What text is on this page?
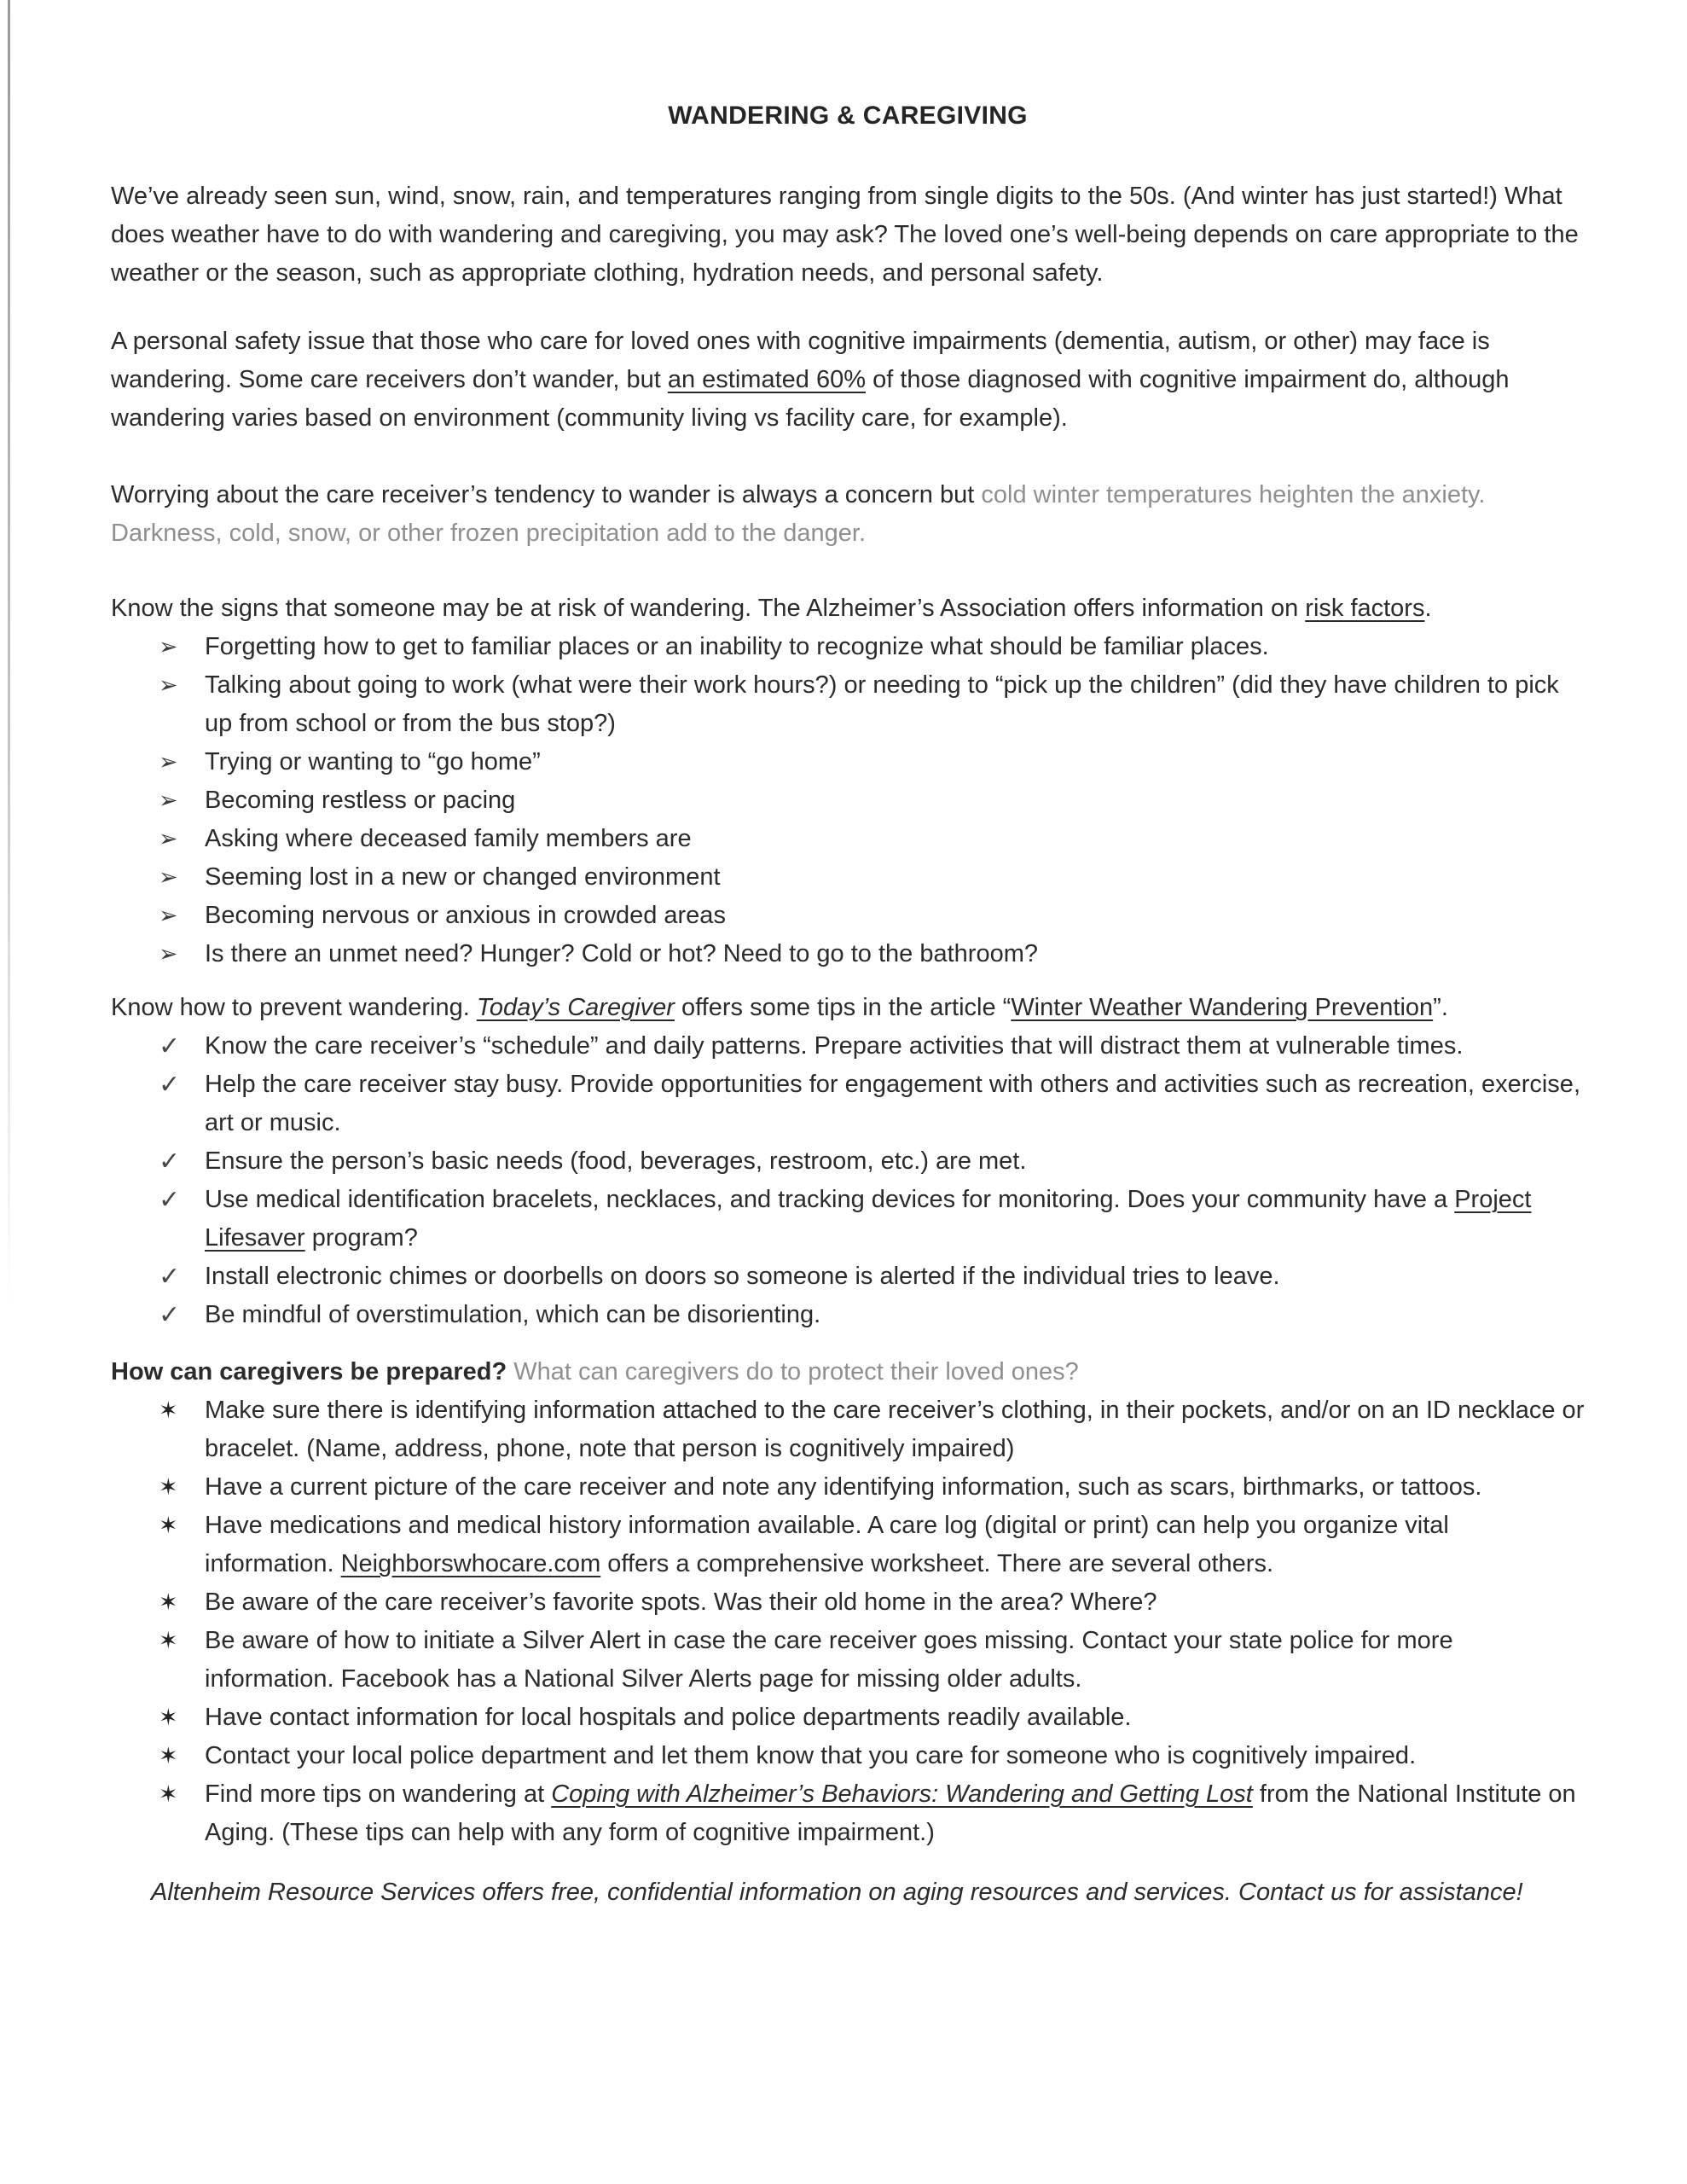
WANDERING & CAREGIVING

We’ve already seen sun, wind, snow, rain, and temperatures ranging from single digits to the 50s. (And winter has just started!) What does weather have to do with wandering and caregiving, you may ask? The loved one’s well-being depends on care appropriate to the weather or the season, such as appropriate clothing, hydration needs, and personal safety.

A personal safety issue that those who care for loved ones with cognitive impairments (dementia, autism, or other) may face is wandering. Some care receivers don’t wander, but an estimated 60% of those diagnosed with cognitive impairment do, although wandering varies based on environment (community living vs facility care, for example).

Worrying about the care receiver’s tendency to wander is always a concern but cold winter temperatures heighten the anxiety. Darkness, cold, snow, or other frozen precipitation add to the danger.

Know the signs that someone may be at risk of wandering. The Alzheimer’s Association offers information on risk factors.

➢ Forgetting how to get to familiar places or an inability to recognize what should be familiar places.
➢ Talking about going to work (what were their work hours?) or needing to “pick up the children” (did they have children to pick up from school or from the bus stop?)
➢ Trying or wanting to “go home”
➢ Becoming restless or pacing
➢ Asking where deceased family members are
➢ Seeming lost in a new or changed environment
➢ Becoming nervous or anxious in crowded areas
➢ Is there an unmet need? Hunger? Cold or hot? Need to go to the bathroom?

Know how to prevent wandering. Today’s Caregiver offers some tips in the article “Winter Weather Wandering Prevention”.

✓ Know the care receiver’s “schedule” and daily patterns. Prepare activities that will distract them at vulnerable times.
✓ Help the care receiver stay busy. Provide opportunities for engagement with others and activities such as recreation, exercise, art or music.
✓ Ensure the person’s basic needs (food, beverages, restroom, etc.) are met.
✓ Use medical identification bracelets, necklaces, and tracking devices for monitoring. Does your community have a Project Lifesaver program?
✓ Install electronic chimes or doorbells on doors so someone is alerted if the individual tries to leave.
✓ Be mindful of overstimulation, which can be disorienting.

How can caregivers be prepared? What can caregivers do to protect their loved ones?

✶ Make sure there is identifying information attached to the care receiver’s clothing, in their pockets, and/or on an ID necklace or bracelet. (Name, address, phone, note that person is cognitively impaired)
✶ Have a current picture of the care receiver and note any identifying information, such as scars, birthmarks, or tattoos.
✶ Have medications and medical history information available. A care log (digital or print) can help you organize vital information. Neighborswhocare.com offers a comprehensive worksheet. There are several others.
✶ Be aware of the care receiver’s favorite spots. Was their old home in the area? Where?
✶ Be aware of how to initiate a Silver Alert in case the care receiver goes missing. Contact your state police for more information. Facebook has a National Silver Alerts page for missing older adults.
✶ Have contact information for local hospitals and police departments readily available.
✶ Contact your local police department and let them know that you care for someone who is cognitively impaired.
✶ Find more tips on wandering at Coping with Alzheimer’s Behaviors: Wandering and Getting Lost from the National Institute on Aging. (These tips can help with any form of cognitive impairment.)

Altenheim Resource Services offers free, confidential information on aging resources and services. Contact us for assistance!
